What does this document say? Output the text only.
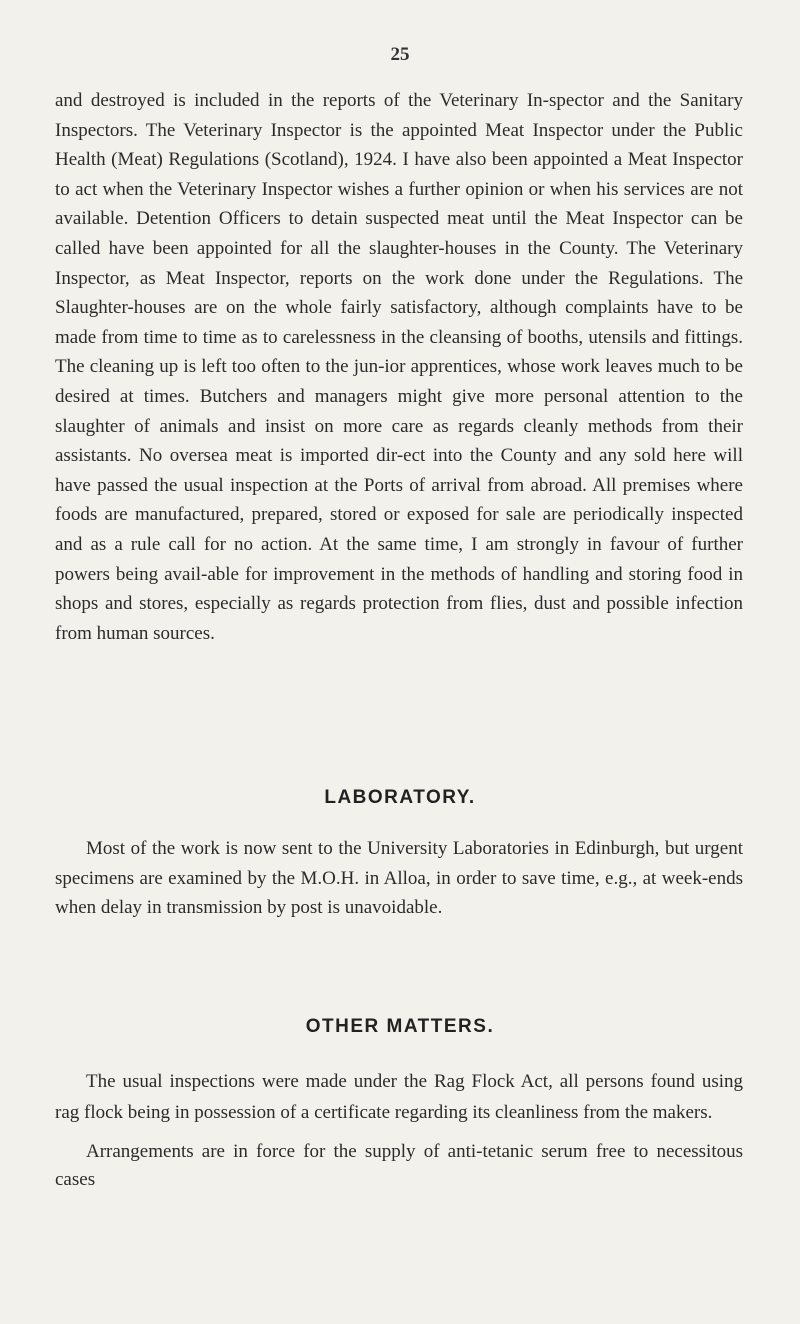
25

and destroyed is included in the reports of the Veterinary In-spector and the Sanitary Inspectors. The Veterinary Inspector is the appointed Meat Inspector under the Public Health (Meat) Regulations (Scotland), 1924. I have also been appointed a Meat Inspector to act when the Veterinary Inspector wishes a further opinion or when his services are not available. Detention Officers to detain suspected meat until the Meat Inspector can be called have been appointed for all the slaughter-houses in the County. The Veterinary Inspector, as Meat Inspector, reports on the work done under the Regulations. The Slaughter-houses are on the whole fairly satisfactory, although complaints have to be made from time to time as to carelessness in the cleansing of booths, utensils and fittings. The cleaning up is left too often to the jun-ior apprentices, whose work leaves much to be desired at times. Butchers and managers might give more personal attention to the slaughter of animals and insist on more care as regards cleanly methods from their assistants. No oversea meat is imported dir-ect into the County and any sold here will have passed the usual inspection at the Ports of arrival from abroad. All premises where foods are manufactured, prepared, stored or exposed for sale are periodically inspected and as a rule call for no action. At the same time, I am strongly in favour of further powers being avail-able for improvement in the methods of handling and storing food in shops and stores, especially as regards protection from flies, dust and possible infection from human sources.

LABORATORY.

Most of the work is now sent to the University Laboratories in Edinburgh, but urgent specimens are examined by the M.O.H. in Alloa, in order to save time, e.g., at week-ends when delay in transmission by post is unavoidable.

OTHER MATTERS.

The usual inspections were made under the Rag Flock Act, all persons found using rag flock being in possession of a certificate regarding its cleanliness from the makers.

Arrangements are in force for the supply of anti-tetanic serum free to necessitous cases
